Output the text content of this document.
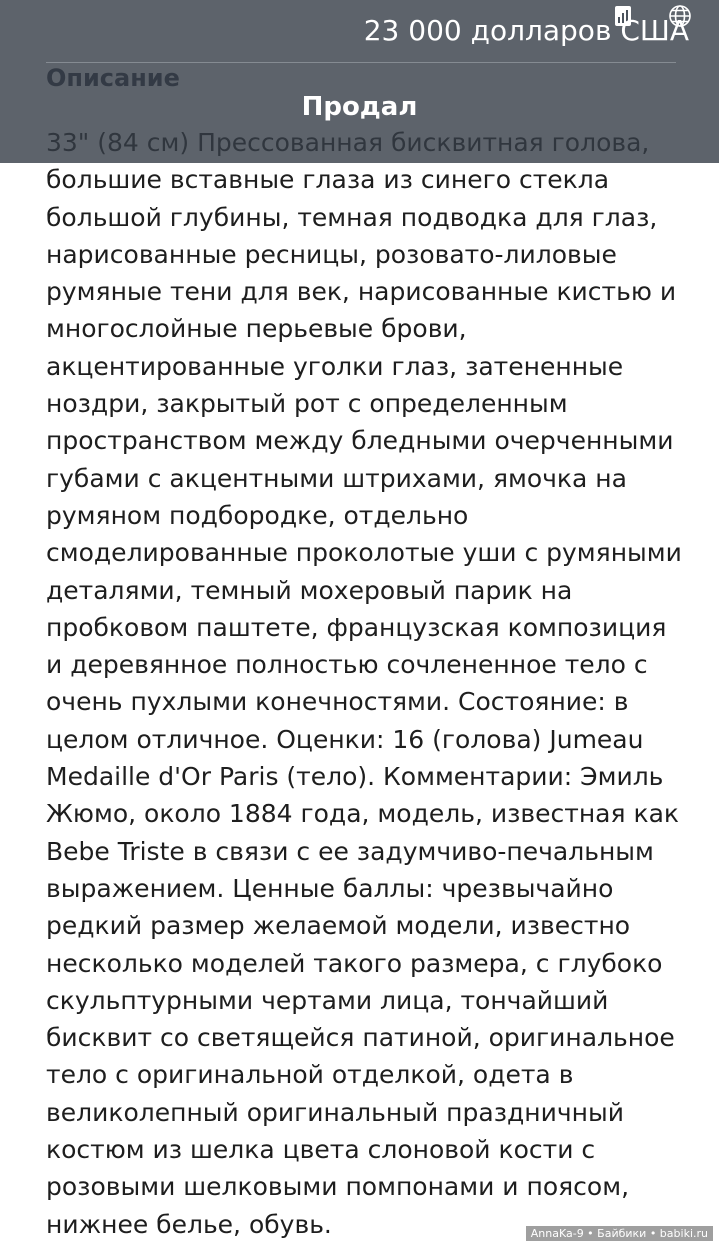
большие вставные глаза из синего стекла большой глубины, темная подводка для глаз, нарисованные ресницы, розовато-лиловые румяные тени для век, нарисованные кистью и многослойные перьевые брови, акцентированные уголки глаз, затененные ноздри, закрытый рот с определенным пространством между бледными очерченными губами с акцентными штрихами, ямочка на румяном подбородке, отдельно смоделированные проколотые уши с румяными деталями, темный мохеровый парик на пробковом паштете, французская композиция и деревянное полностью сочлененное тело с очень пухлыми конечностями. Состояние: в целом отличное. Оценки: 16 (голова) Jumeau Medaille d'Or Paris (тело). Комментарии: Эмиль Жюмо, около 1884 года, модель, известная как Bebe Triste в связи с ее задумчиво-печальным выражением. Ценные баллы: чрезвычайно редкий размер желаемой модели, известно несколько моделей такого размера, с глубоко скульптурными чертами лица, тончайший бисквит со светящейся патиной, оригинальное тело с оригинальной отделкой, одета в великолепный оригинальный праздничный костюм из шелка цвета слоновой кости с розовыми шелковыми помпонами и поясом, нижнее белье, обувь.

23 000 долларов США
Продал
AnnaKa-9 • Байбики • babiki.ru
